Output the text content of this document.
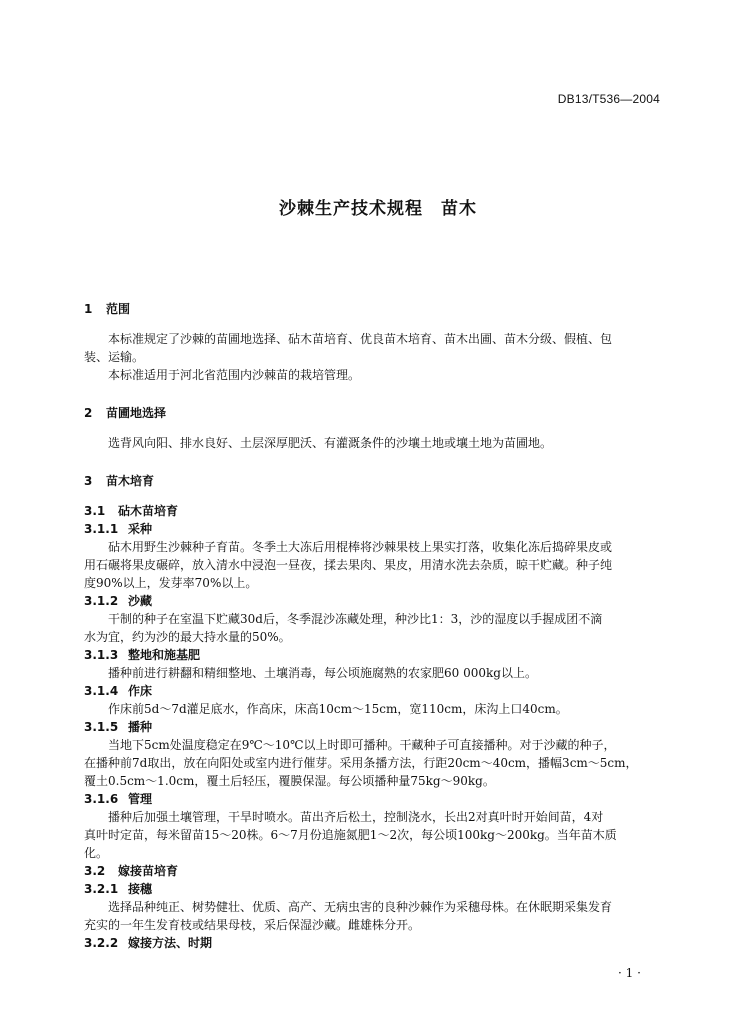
DB13/T536—2004
沙棘生产技术规程　苗木
1 范围
本标准规定了沙棘的苗圃地选择、砧木苗培育、优良苗木培育、苗木出圃、苗木分级、假植、包
装、运输。
本标准适用于河北省范围内沙棘苗的栽培管理。
2 苗圃地选择
选背风向阳、排水良好、土层深厚肥沃、有灌溉条件的沙壤土地或壤土地为苗圃地。
3 苗木培育
3.1 砧木苗培育
3.1.1 采种
砧木用野生沙棘种子育苗。冬季土大冻后用棍棒将沙棘果枝上果实打落，收集化冻后捣碎果皮或
用石碾将果皮碾碎，放入清水中浸泡一昼夜，揉去果肉、果皮，用清水洗去杂质，晾干贮藏。种子纯
度90%以上，发芽率70%以上。
3.1.2 沙藏
干制的种子在室温下贮藏30d后，冬季混沙冻藏处理，种沙比1：3，沙的湿度以手握成团不滴
水为宜，约为沙的最大持水量的50%。
3.1.3 整地和施基肥
播种前进行耕翻和精细整地、土壤消毒，每公顷施腐熟的农家肥60 000kg以上。
3.1.4 作床
作床前5d～7d灌足底水，作高床，床高10cm～15cm，宽110cm，床沟上口40cm。
3.1.5 播种
当地下5cm处温度稳定在9℃～10℃以上时即可播种。干藏种子可直接播种。对于沙藏的种子，
在播种前7d取出，放在向阳处或室内进行催芽。采用条播方法，行距20cm～40cm，播幅3cm～5cm，
覆土0.5cm～1.0cm，覆土后轻压，覆膜保湿。每公顷播种量75kg～90kg。
3.1.6 管理
播种后加强土壤管理，干旱时喷水。苗出齐后松土，控制浇水，长出2对真叶时开始间苗，4对
真叶时定苗，每米留苗15～20株。6～7月份追施氮肥1～2次，每公顷100kg～200kg。当年苗木质
化。
3.2 嫁接苗培育
3.2.1 接穗
选择品种纯正、树势健壮、优质、高产、无病虫害的良种沙棘作为采穗母株。在休眠期采集发育
充实的一年生发育枝或结果母枝，采后保湿沙藏。雌雄株分开。
3.2.2 嫁接方法、时期
· 1 ·
